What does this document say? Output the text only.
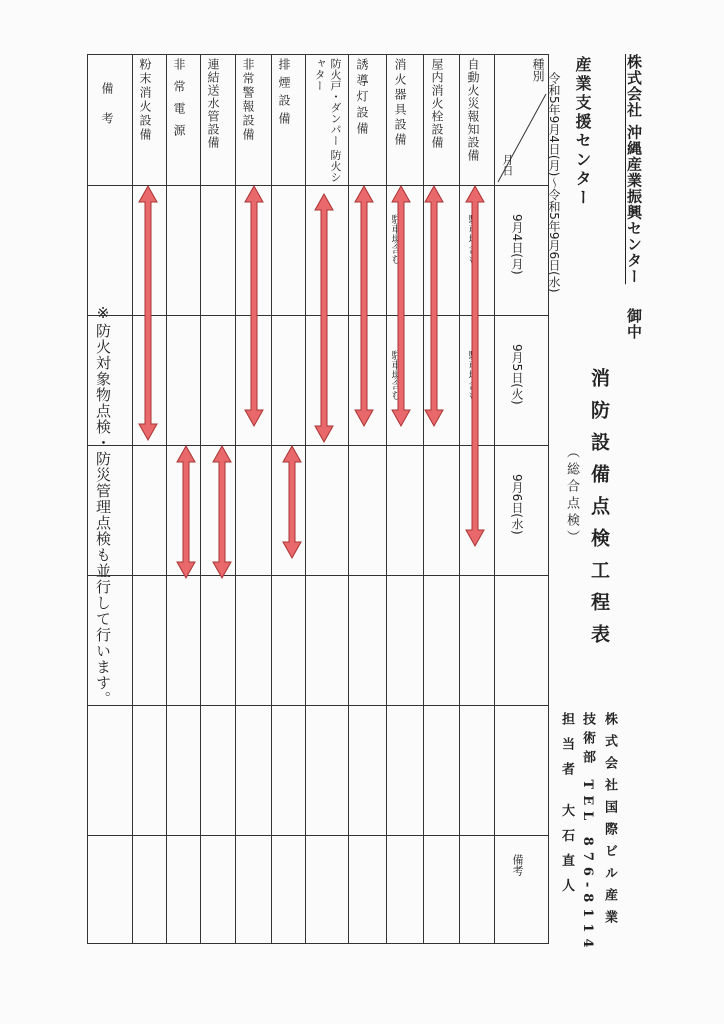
株式会社 沖縄産業振興センター 御中
産業支援センター
令和5年9月4日(月)～令和5年9月6日(水)
消防設備点検工程表
（総合点検）
株式会社国際ビル産業
技術部 TEL 876-8114
担当者 大石直人
種別
月日
9月4日(月)
9月5日(火)
9月6日(水)
備考
自動火災報知設備
屋内消火栓設備
消火器具設備
誘導灯設備
防火戸・ダンパー 防火シャター
排煙設備
非常警報設備
連結送水管設備
非常電源
粉末消火設備
備考
駐車場含む
駐車場含む
※防火対象物点検・防災管理点検も並行して行います。
